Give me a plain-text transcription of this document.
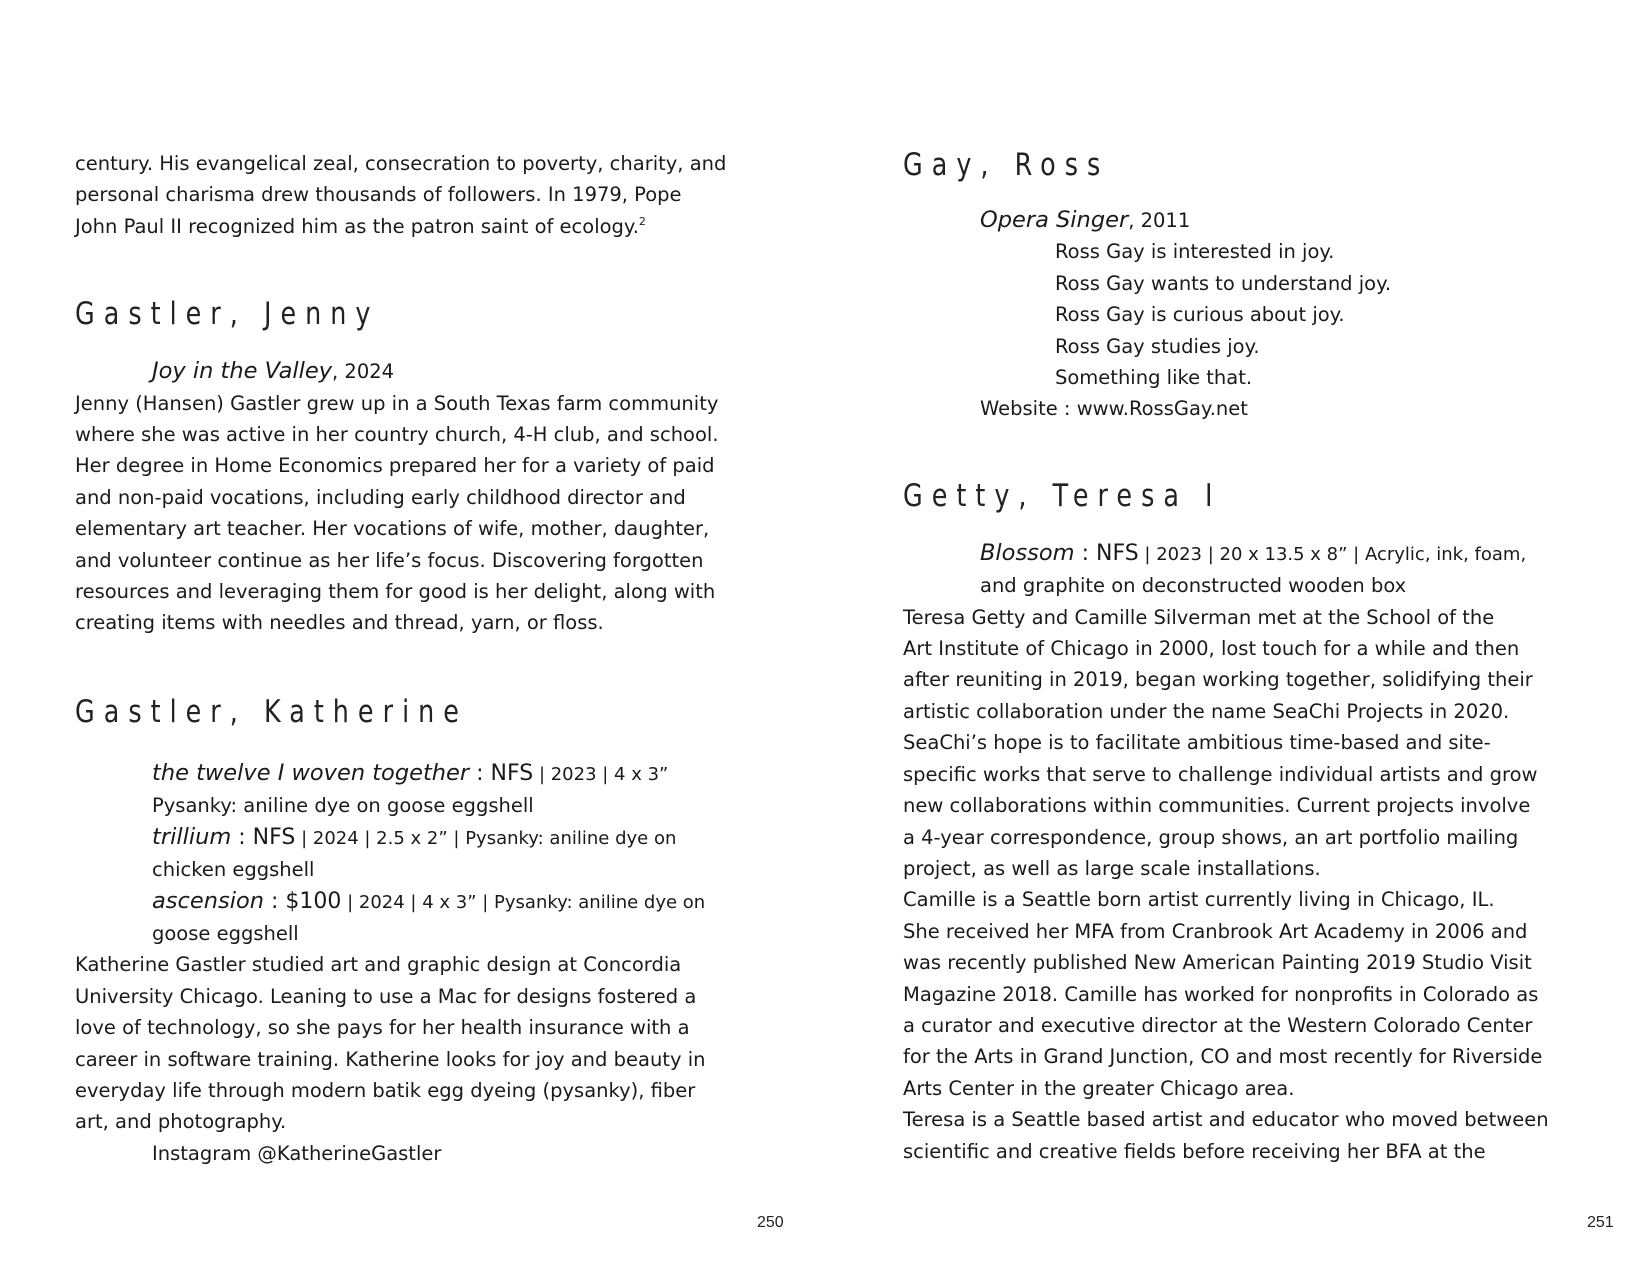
century. His evangelical zeal, consecration to poverty, charity, and

personal charisma drew thousands of followers. In 1979, Pope

John Paul II recognized him as the patron saint of ecology.$^2$

Gastler, Jenny

Joy in the Valley, 2024

Jenny (Hansen) Gastler grew up in a South Texas farm community

where she was active in her country church, 4-H club, and school.

Her degree in Home Economics prepared her for a variety of paid

and non-paid vocations, including early childhood director and

elementary art teacher. Her vocations of wife, mother, daughter,

and volunteer continue as her life’s focus. Discovering forgotten

resources and leveraging them for good is her delight, along with

creating items with needles and thread, yarn, or floss.

Gastler, Katherine

the twelve I woven together : NFS | 2023 | 4 x 3”

Pysanky: aniline dye on goose eggshell

trillium : NFS | 2024 | 2.5 x 2” | Pysanky: aniline dye on

chicken eggshell

ascension : $100 | 2024 | 4 x 3” | Pysanky: aniline dye on

goose eggshell

Katherine Gastler studied art and graphic design at Concordia

University Chicago. Leaning to use a Mac for designs fostered a

love of technology, so she pays for her health insurance with a

career in software training. Katherine looks for joy and beauty in

everyday life through modern batik egg dyeing (pysanky), fiber

art, and photography.

Instagram @KatherineGastler

250
Gay, Ross

Opera Singer, 2011

Ross Gay is interested in joy.

Ross Gay wants to understand joy.

Ross Gay is curious about joy.

Ross Gay studies joy.

Something like that.

Website : www.RossGay.net

Getty, Teresa I

Blossom : NFS | 2023 | 20 x 13.5 x 8” | Acrylic, ink, foam,

and graphite on deconstructed wooden box

Teresa Getty and Camille Silverman met at the School of the

Art Institute of Chicago in 2000, lost touch for a while and then

after reuniting in 2019, began working together, solidifying their

artistic collaboration under the name SeaChi Projects in 2020.

SeaChi’s hope is to facilitate ambitious time-based and site-

specific works that serve to challenge individual artists and grow

new collaborations within communities. Current projects involve

a 4-year correspondence, group shows, an art portfolio mailing

project, as well as large scale installations.

Camille is a Seattle born artist currently living in Chicago, IL.

She received her MFA from Cranbrook Art Academy in 2006 and

was recently published New American Painting 2019 Studio Visit

Magazine 2018. Camille has worked for nonprofits in Colorado as

a curator and executive director at the Western Colorado Center

for the Arts in Grand Junction, CO and most recently for Riverside

Arts Center in the greater Chicago area.

Teresa is a Seattle based artist and educator who moved between

scientific and creative fields before receiving her BFA at the

251
